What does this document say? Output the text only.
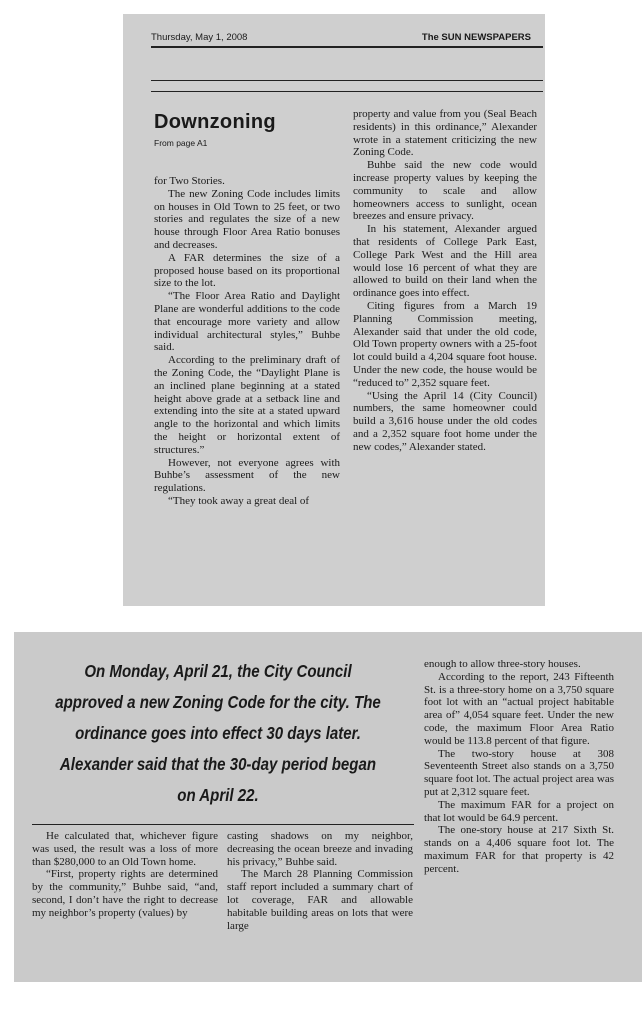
Thursday, May 1, 2008	The SUN NEWSPAPERS
Downzoning
From page A1

for Two Stories.

The new Zoning Code includes limits on houses in Old Town to 25 feet, or two stories and regulates the size of a new house through Floor Area Ratio bonuses and decreases.

A FAR determines the size of a proposed house based on its proportional size to the lot.

“The Floor Area Ratio and Daylight Plane are wonderful additions to the code that encourage more variety and allow individual architectural styles,” Buhbe said.

According to the preliminary draft of the Zoning Code, the “Daylight Plane is an inclined plane beginning at a stated height above grade at a setback line and extending into the site at a stated upward angle to the horizontal and which limits the height or horizontal extent of structures.”

However, not everyone agrees with Buhbe’s assessment of the new regulations.

“They took away a great deal of

property and value from you (Seal Beach residents) in this ordinance,” Alexander wrote in a statement criticizing the new Zoning Code.

Buhbe said the new code would increase property values by keeping the community to scale and allow homeowners access to sunlight, ocean breezes and ensure privacy.

In his statement, Alexander argued that residents of College Park East, College Park West and the Hill area would lose 16 percent of what they are allowed to build on their land when the ordinance goes into effect.

Citing figures from a March 19 Planning Commission meeting, Alexander said that under the old code, Old Town property owners with a 25-foot lot could build a 4,204 square foot house. Under the new code, the house would be “reduced to” 2,352 square feet.

“Using the April 14 (City Council) numbers, the same homeowner could build a 3,616 house under the old codes and a 2,352 square foot home under the new codes,” Alexander stated.

On Monday, April 21, the City Council approved a new Zoning Code for the city. The ordinance goes into effect 30 days later. Alexander said that the 30-day period began on April 22.

He calculated that, whichever figure was used, the result was a loss of more than $280,000 to an Old Town home.

“First, property rights are determined by the community,” Buhbe said, “and, second, I don’t have the right to decrease my neighbor’s property (values) by

casting shadows on my neighbor, decreasing the ocean breeze and invading his privacy,” Buhbe said.

The March 28 Planning Commission staff report included a summary chart of lot coverage, FAR and allowable habitable building areas on lots that were large

enough to allow three-story houses.

According to the report, 243 Fifteenth St. is a three-story home on a 3,750 square foot lot with an “actual project habitable area of” 4,054 square feet. Under the new code, the maximum Floor Area Ratio would be 113.8 percent of that figure.

The two-story house at 308 Seventeenth Street also stands on a 3,750 square foot lot. The actual project area was put at 2,312 square feet.

The maximum FAR for a project on that lot would be 64.9 percent.

The one-story house at 217 Sixth St. stands on a 4,406 square foot lot. The maximum FAR for that property is 42 percent.
